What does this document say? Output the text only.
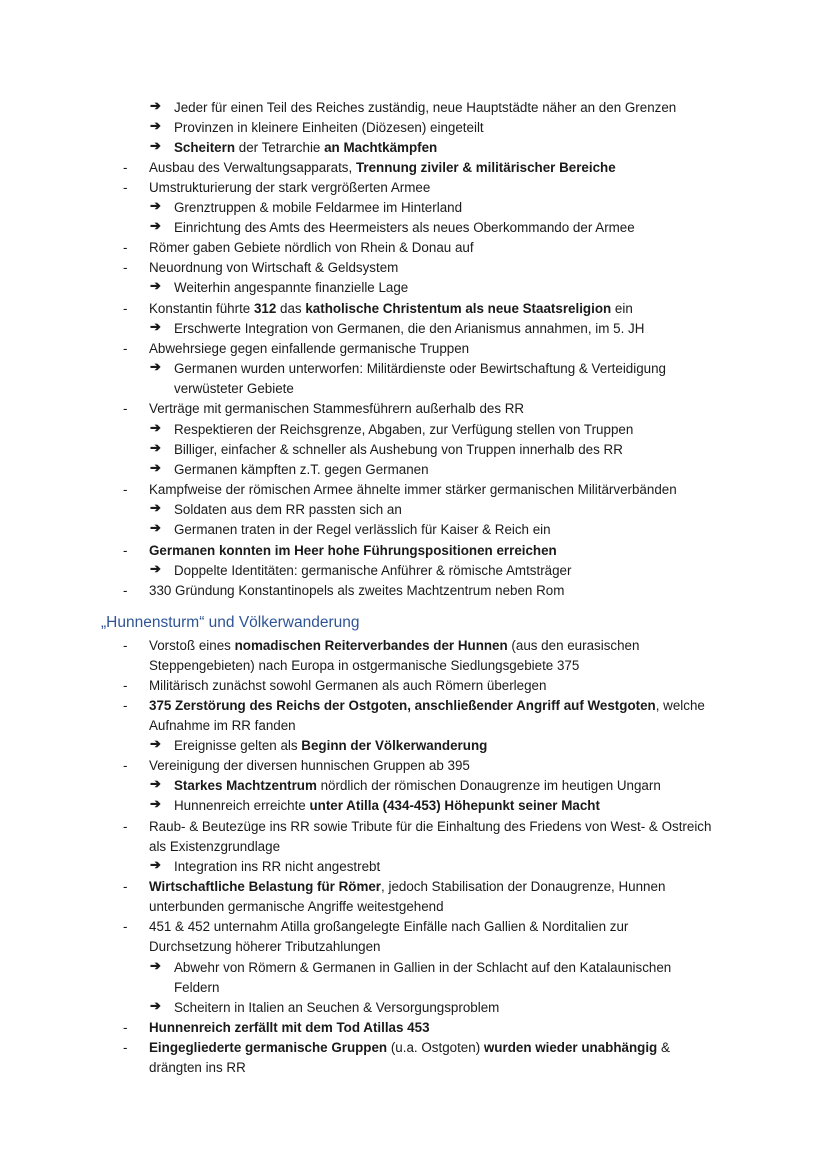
➔ Jeder für einen Teil des Reiches zuständig, neue Hauptstädte näher an den Grenzen
➔ Provinzen in kleinere Einheiten (Diözesen) eingeteilt
➔ Scheitern der Tetrarchie an Machtkämpfen
-	Ausbau des Verwaltungsapparats, Trennung ziviler & militärischer Bereiche
-	Umstrukturierung der stark vergrößerten Armee
➔ Grenztruppen & mobile Feldarmee im Hinterland
➔ Einrichtung des Amts des Heermeisters als neues Oberkommando der Armee
-	Römer gaben Gebiete nördlich von Rhein & Donau auf
-	Neuordnung von Wirtschaft & Geldsystem
➔ Weiterhin angespannte finanzielle Lage
-	Konstantin führte 312 das katholische Christentum als neue Staatsreligion ein
➔ Erschwerte Integration von Germanen, die den Arianismus annahmen, im 5. JH
-	Abwehrsiege gegen einfallende germanische Truppen
➔ Germanen wurden unterworfen: Militärdienste oder Bewirtschaftung & Verteidigung
verwüsteter Gebiete
-	Verträge mit germanischen Stammesführern außerhalb des RR
➔ Respektieren der Reichsgrenze, Abgaben, zur Verfügung stellen von Truppen
➔ Billiger, einfacher & schneller als Aushebung von Truppen innerhalb des RR
➔ Germanen kämpften z.T. gegen Germanen
-	Kampfweise der römischen Armee ähnelte immer stärker germanischen Militärverbänden
➔ Soldaten aus dem RR passten sich an
➔ Germanen traten in der Regel verlässlich für Kaiser & Reich ein
-	Germanen konnten im Heer hohe Führungspositionen erreichen
➔ Doppelte Identitäten: germanische Anführer & römische Amtsträger
-	330 Gründung Konstantinopels als zweites Machtzentrum neben Rom
„Hunnensturm“ und Völkerwanderung
-	Vorstoß eines nomadischen Reiterverbandes der Hunnen (aus den eurasischen
Steppengebieten) nach Europa in ostgermanische Siedlungsgebiete 375
-	Militärisch zunächst sowohl Germanen als auch Römern überlegen
-	375 Zerstörung des Reichs der Ostgoten, anschließender Angriff auf Westgoten, welche
Aufnahme im RR fanden
➔ Ereignisse gelten als Beginn der Völkerwanderung
-	Vereinigung der diversen hunnischen Gruppen ab 395
➔ Starkes Machtzentrum nördlich der römischen Donaugrenze im heutigen Ungarn
➔ Hunnenreich erreichte unter Atilla (434-453) Höhepunkt seiner Macht
-	Raub- & Beutezüge ins RR sowie Tribute für die Einhaltung des Friedens von West- & Ostreich
als Existenzgrundlage
➔ Integration ins RR nicht angestrebt
-	Wirtschaftliche Belastung für Römer, jedoch Stabilisation der Donaugrenze, Hunnen
unterbunden germanische Angriffe weitestgehend
-	451 & 452 unternahm Atilla großangelegte Einfälle nach Gallien & Norditalien zur
Durchsetzung höherer Tributzahlungen
➔ Abwehr von Römern & Germanen in Gallien in der Schlacht auf den Katalaunischen
Feldern
➔ Scheitern in Italien an Seuchen & Versorgungsproblem
-	Hunnenreich zerfällt mit dem Tod Atillas 453
-	Eingegliederte germanische Gruppen (u.a. Ostgoten) wurden wieder unabhängig &
drängten ins RR
